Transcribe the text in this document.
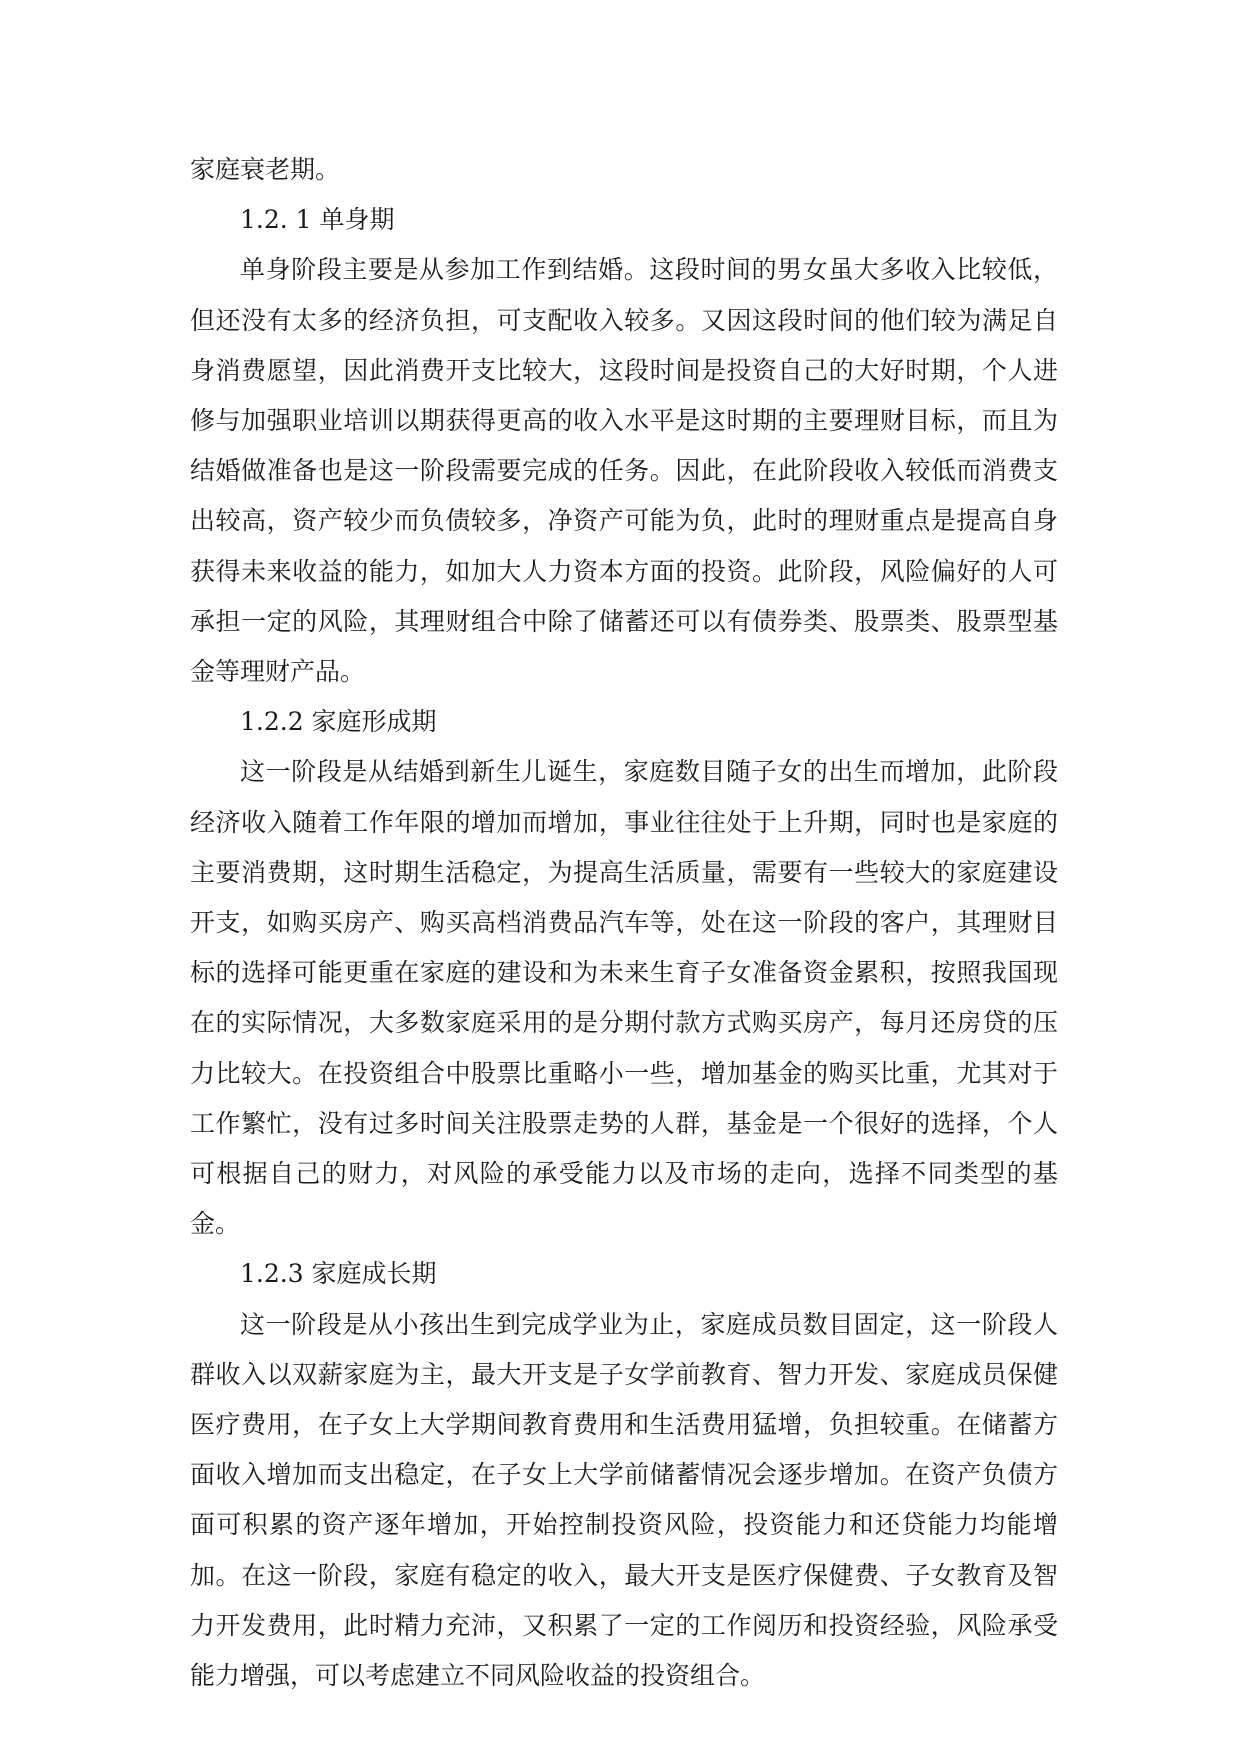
家庭衰老期。

1.2. 1 单身期

单身阶段主要是从参加工作到结婚。这段时间的男女虽大多收入比较低，但还没有太多的经济负担，可支配收入较多。又因这段时间的他们较为满足自身消费愿望，因此消费开支比较大，这段时间是投资自己的大好时期，个人进修与加强职业培训以期获得更高的收入水平是这时期的主要理财目标，而且为结婚做准备也是这一阶段需要完成的任务。因此，在此阶段收入较低而消费支出较高，资产较少而负债较多，净资产可能为负，此时的理财重点是提高自身获得未来收益的能力，如加大人力资本方面的投资。此阶段，风险偏好的人可承担一定的风险，其理财组合中除了储蓄还可以有债券类、股票类、股票型基金等理财产品。

1.2.2 家庭形成期

这一阶段是从结婚到新生儿诞生，家庭数目随子女的出生而增加，此阶段经济收入随着工作年限的增加而增加，事业往往处于上升期，同时也是家庭的主要消费期，这时期生活稳定，为提高生活质量，需要有一些较大的家庭建设开支，如购买房产、购买高档消费品汽车等，处在这一阶段的客户，其理财目标的选择可能更重在家庭的建设和为未来生育子女准备资金累积，按照我国现在的实际情况，大多数家庭采用的是分期付款方式购买房产，每月还房贷的压力比较大。在投资组合中股票比重略小一些，增加基金的购买比重，尤其对于工作繁忙，没有过多时间关注股票走势的人群，基金是一个很好的选择，个人可根据自己的财力，对风险的承受能力以及市场的走向，选择不同类型的基金。

1.2.3 家庭成长期

这一阶段是从小孩出生到完成学业为止，家庭成员数目固定，这一阶段人群收入以双薪家庭为主，最大开支是子女学前教育、智力开发、家庭成员保健医疗费用，在子女上大学期间教育费用和生活费用猛增，负担较重。在储蓄方面收入增加而支出稳定，在子女上大学前储蓄情况会逐步增加。在资产负债方面可积累的资产逐年增加，开始控制投资风险，投资能力和还贷能力均能增加。在这一阶段，家庭有稳定的收入，最大开支是医疗保健费、子女教育及智力开发费用，此时精力充沛，又积累了一定的工作阅历和投资经验，风险承受能力增强，可以考虑建立不同风险收益的投资组合。
